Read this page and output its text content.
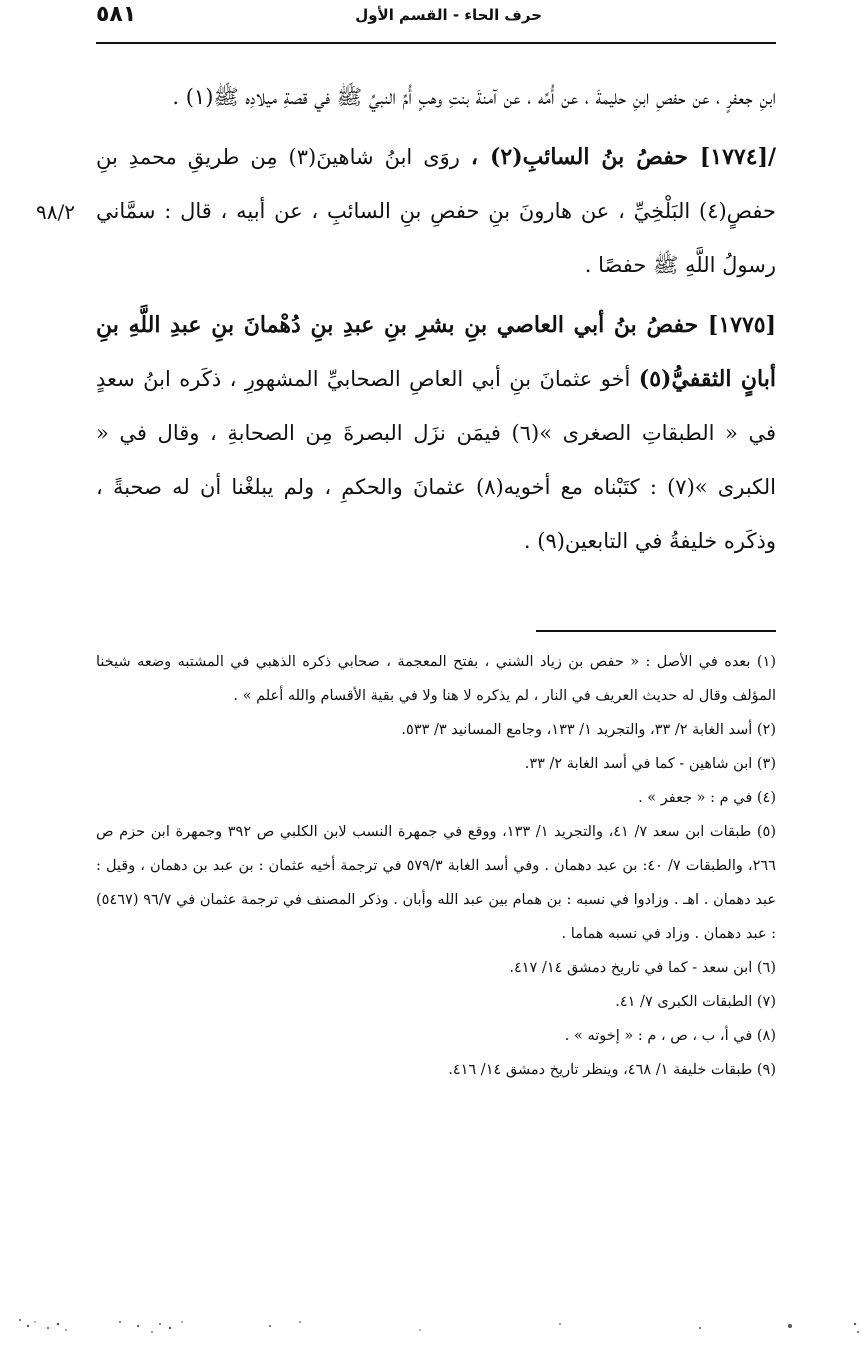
٥٨١	حرف الحاء - القسم الأول
٩٨/٢

ابنِ جعفرٍ ، عن حفصِ ابنِ حليمةَ ، عن أُمِّه ، عن آمنةَ بنتِ وهبٍ أُمِّ النبيِّ ﷺ في قصةِ ميلادِه ﷺ(١) .

/[١٧٧٤] حفصُ بنُ السائبِ(٢) ، روَى ابنُ شاهينَ(٣) مِن طريقِ محمدِ بنِ حفصٍ(٤) البَلْخِيِّ ، عن هارونَ بنِ حفصِ بنِ السائبِ ، عن أبيه ، قال : سمَّاني رسولُ اللَّهِ ﷺ حفصًا .

[١٧٧٥] حفصُ بنُ أبي العاصي بنِ بشرِ بنِ عبدِ بنِ دُهْمانَ بنِ عبدِ اللَّهِ بنِ أبانٍ الثقفيُّ(٥) أخو عثمانَ بنِ أبي العاصِ الصحابيِّ المشهورِ ، ذكَره ابنُ سعدٍ في « الطبقاتِ الصغرى »(٦) فيمَن نزَل البصرةَ مِن الصحابةِ ، وقال في « الكبرى »(٧) : كتَبْناه مع أخويه(٨) عثمانَ والحكمِ ، ولم يبلغْنا أن له صحبةً ، وذكَره خليفةُ في التابعين(٩) .

(١) بعده في الأصل : « حفص بن زياد الشني ، بفتح المعجمة ، صحابي ذكره الذهبي في المشتبه وضعه شيخنا المؤلف وقال له حديث العريف في النار ، لم يذكره لا هنا ولا في بقية الأقسام والله أعلم » .

(٢) أسد الغابة ٢/ ٣٣، والتجريد ١/ ١٣٣، وجامع المسانيد ٣/ ٥٣٣.

(٣) ابن شاهين - كما في أسد الغابة ٢/ ٣٣.

(٤) في م : « جعفر » .

(٥) طبقات ابن سعد ٧/ ٤١، والتجريد ١/ ١٣٣، ووقع في جمهرة النسب لابن الكلبي ص ٣٩٢ وجمهرة ابن حزم ص ٢٦٦، والطبقات ٧/ ٤٠: بن عبد دهمان . وفي أسد الغابة ٥٧٩/٣ في ترجمة أخيه عثمان : بن عبد بن دهمان ، وقيل : عبد دهمان . اهـ . وزادوا في نسبه : بن همام بين عبد الله وأبان . وذكر المصنف في ترجمة عثمان في ٩٦/٧ (٥٤٦٧) : عبد دهمان . وزاد في نسبه هماما .

(٦) ابن سعد - كما في تاريخ دمشق ١٤/ ٤١٧.

(٧) الطبقات الكبرى ٧/ ٤١.

(٨) في أ، ب ، ص ، م : « إخوته » .

(٩) طبقات خليفة ١/ ٤٦٨، وينظر تاريخ دمشق ١٤/ ٤١٦.
